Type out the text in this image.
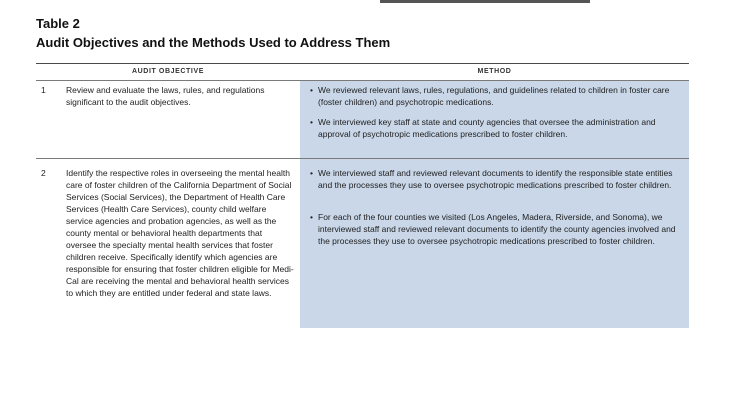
Table 2
Audit Objectives and the Methods Used to Address Them
AUDIT OBJECTIVE	METHOD
1 Review and evaluate the laws, rules, and regulations significant to the audit objectives.
• We reviewed relevant laws, rules, regulations, and guidelines related to children in foster care (foster children) and psychotropic medications.
• We interviewed key staff at state and county agencies that oversee the administration and approval of psychotropic medications prescribed to foster children.
2 Identify the respective roles in overseeing the mental health care of foster children of the California Department of Social Services (Social Services), the Department of Health Care Services (Health Care Services), county child welfare service agencies and probation agencies, as well as the county mental or behavioral health departments that oversee the specialty mental health services that foster children receive. Specifically identify which agencies are responsible for ensuring that foster children eligible for Medi-Cal are receiving the mental and behavioral health services to which they are entitled under federal and state laws.
• We interviewed staff and reviewed relevant documents to identify the responsible state entities and the processes they use to oversee psychotropic medications prescribed to foster children.
• For each of the four counties we visited (Los Angeles, Madera, Riverside, and Sonoma), we interviewed staff and reviewed relevant documents to identify the county agencies involved and the processes they use to oversee psychotropic medications prescribed to foster children.
